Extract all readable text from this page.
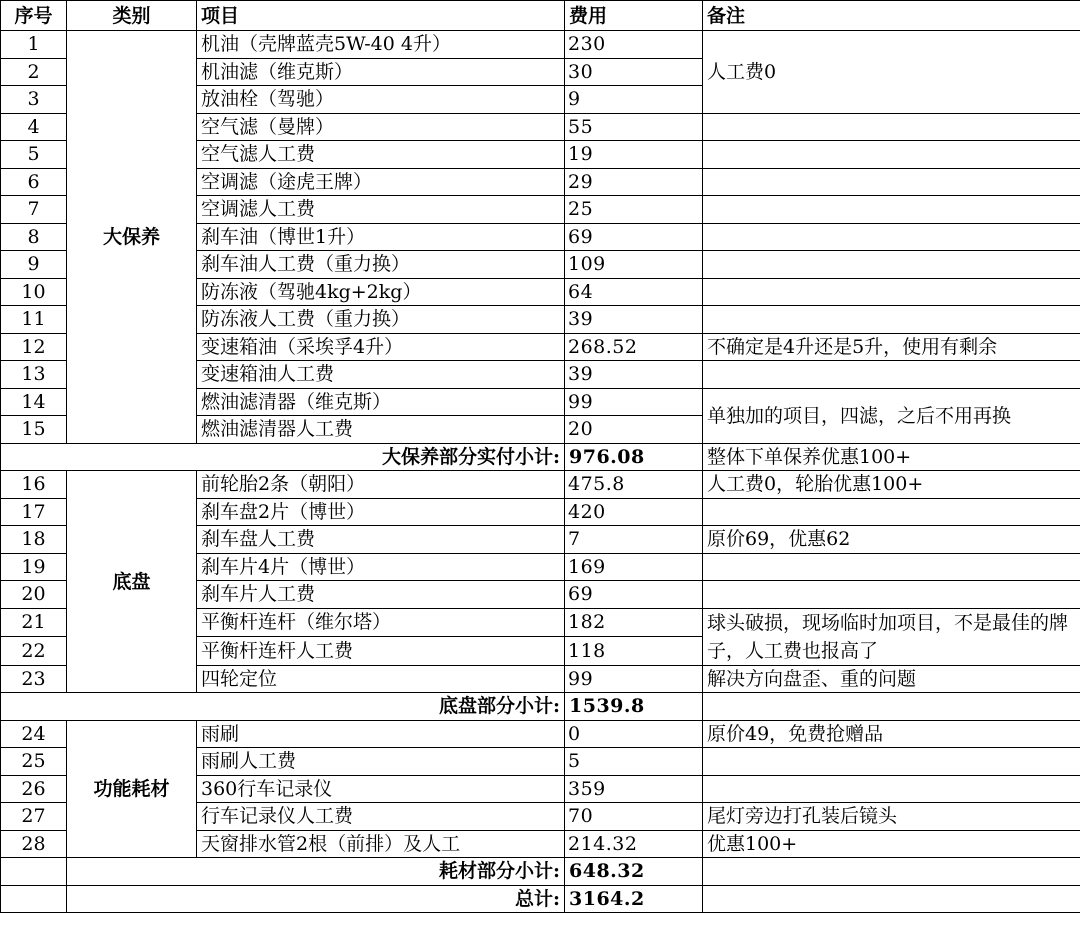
序号	类别	项目	费用	备注
1	大保养	机油（壳牌蓝壳5W-40 4升）	230	人工费0
2		机油滤（维克斯）	30	
3		放油栓（驾驰）	9	
4		空气滤（曼牌）	55	
5		空气滤人工费	19	
6		空调滤（途虎王牌）	29	
7		空调滤人工费	25	
8		刹车油（博世1升）	69	
9		刹车油人工费（重力换）	109	
10		防冻液（驾驰4kg+2kg）	64	
11		防冻液人工费（重力换）	39	
12		变速箱油（采埃孚4升）	268.52	不确定是4升还是5升，使用有剩余
13		变速箱油人工费	39	
14		燃油滤清器（维克斯）	99	单独加的项目，四滤，之后不用再换
15		燃油滤清器人工费	20	
大保养部分实付小计:			976.08	整体下单保养优惠100+
16	底盘	前轮胎2条（朝阳）	475.8	人工费0，轮胎优惠100+
17		刹车盘2片（博世）	420	
18		刹车盘人工费	7	原价69，优惠62
19		刹车片4片（博世）	169	
20		刹车片人工费	69	
21		平衡杆连杆（维尔塔）	182	球头破损，现场临时加项目，不是最佳的牌子，人工费也报高了
22		平衡杆连杆人工费	118	
23		四轮定位	99	解决方向盘歪、重的问题
底盘部分小计:			1539.8	
24	功能耗材	雨刷	0	原价49，免费抢赠品
25		雨刷人工费	5	
26		360行车记录仪	359	
27		行车记录仪人工费	70	尾灯旁边打孔装后镜头
28		天窗排水管2根（前排）及人工	214.32	优惠100+
	耗材部分小计:		648.32	
	总计:		3164.2	
